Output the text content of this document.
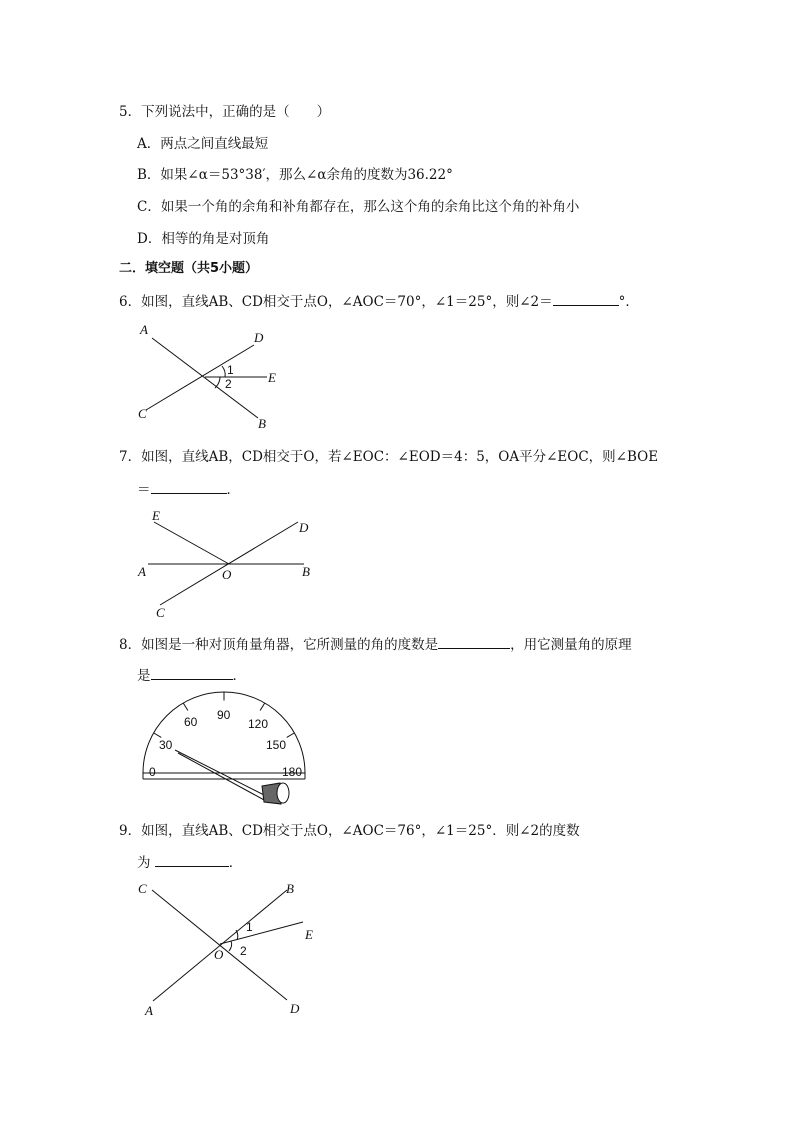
5．下列说法中，正确的是（　　）
A．两点之间直线最短
B．如果∠α＝53°38′，那么∠α余角的度数为36.22°
C．如果一个角的余角和补角都存在，那么这个角的余角比这个角的补角小
D．相等的角是对顶角
二．填空题（共5小题）
6．如图，直线AB、CD相交于点O，∠AOC＝70°，∠1＝25°，则∠2＝	°．
7．如图，直线AB，CD相交于O，若∠EOC：∠EOD＝4：5，OA平分∠EOC，则∠BOE
＝	．
8．如图是一种对顶角量角器，它所测量的角的度数是	，用它测量角的原理
是	．
9．如图，直线AB、CD相交于点O，∠AOC＝76°，∠1＝25°．则∠2的度数
为	．
A
D
1	E
2
C
B
E
D
A	O	B
C
60 90
120
30	150
0	180
C	B
1	E
2
O
A	D
